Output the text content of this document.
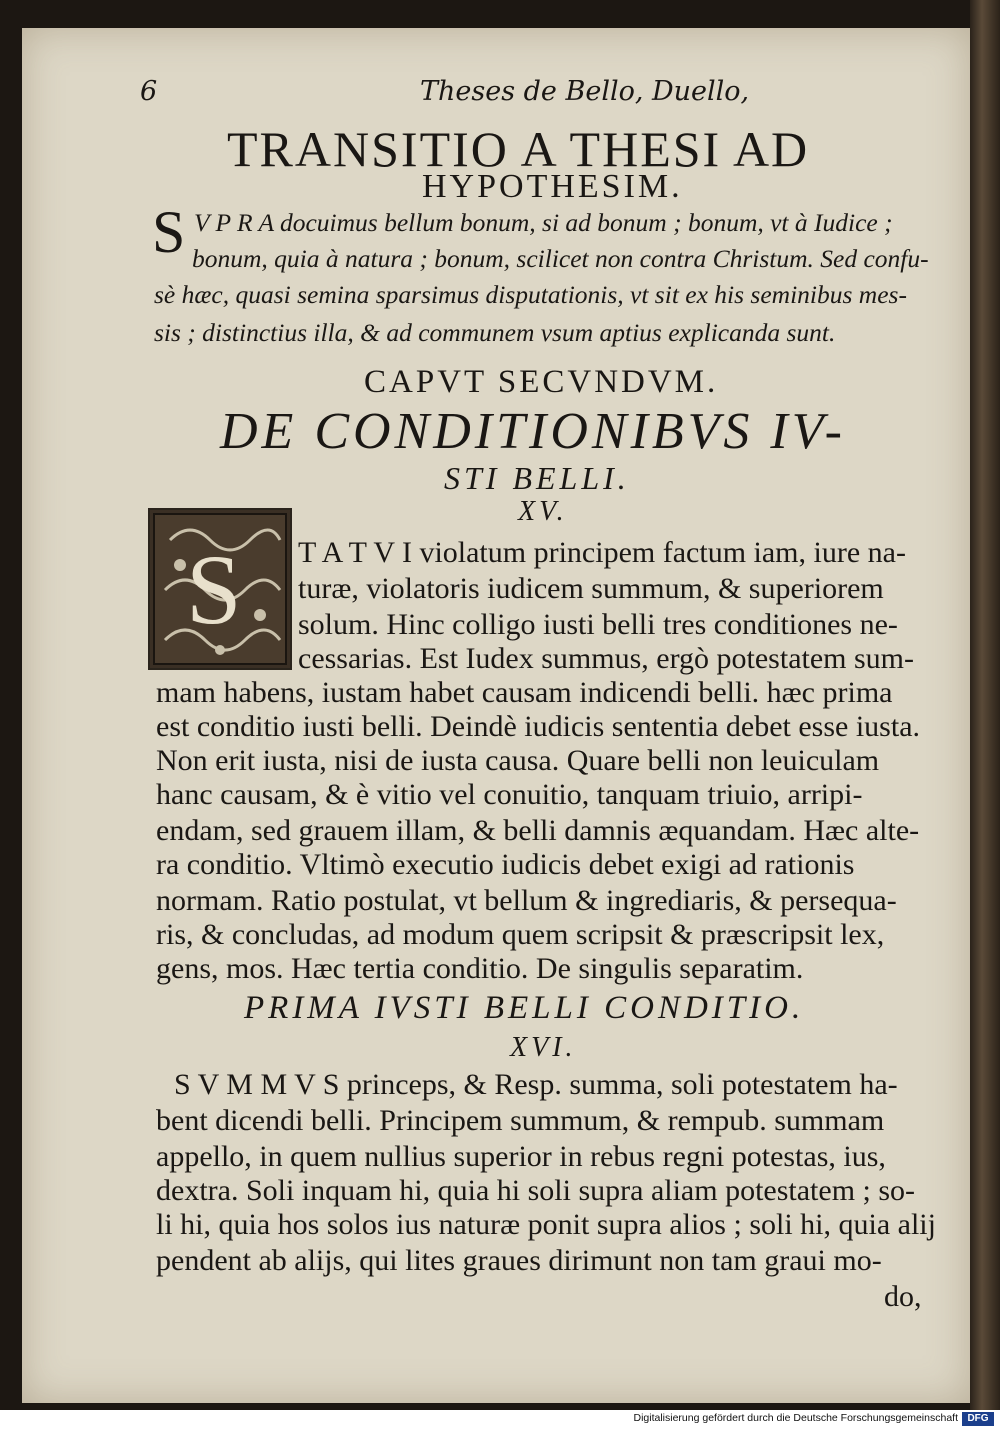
6	Theses de Bello, Duello,
TRANSITIO A THESI AD
HYPOTHESIM.
S V P R A docuimus bellum bonum, si ad bonum ; bonum, vt à Iudice ;
bonum, quia à natura ; bonum, scilicet non contra Christum. Sed confu-
sè hæc, quasi semina sparsimus disputationis, vt sit ex his seminibus mes-
sis ; distinctius illa, & ad communem vsum aptius explicanda sunt.
CAPVT SECVNDVM.
DE CONDITIONIBVS IV-
STI BELLI.
XV.
S	T A T V I violatum principem factum iam, iure na-
turæ, violatoris iudicem summum, & superiorem
solum. Hinc colligo iusti belli tres conditiones ne-
cessarias. Est Iudex summus, ergò potestatem sum-
mam habens, iustam habet causam indicendi belli. hæc prima
est conditio iusti belli. Deindè iudicis sententia debet esse iusta.
Non erit iusta, nisi de iusta causa. Quare belli non leuiculam
hanc causam, & è vitio vel conuitio, tanquam triuio, arripi-
endam, sed grauem illam, & belli damnis æquandam. Hæc alte-
ra conditio. Vltimò executio iudicis debet exigi ad rationis
normam. Ratio postulat, vt bellum & ingrediaris, & persequa-
ris, & concludas, ad modum quem scripsit & præscripsit lex,
gens, mos. Hæc tertia conditio. De singulis separatim.
PRIMA IVSTI BELLI CONDITIO.
XVI.
S V M M V S princeps, & Resp. summa, soli potestatem ha-
bent dicendi belli. Principem summum, & rempub. summam
appello, in quem nullius superior in rebus regni potestas, ius,
dextra. Soli inquam hi, quia hi soli supra aliam potestatem ; so-
li hi, quia hos solos ius naturæ ponit supra alios ; soli hi, quia alij
pendent ab alijs, qui lites graues dirimunt non tam graui mo-
do,
Digitalisierung gefördert durch die Deutsche Forschungsgemeinschaft DFG
